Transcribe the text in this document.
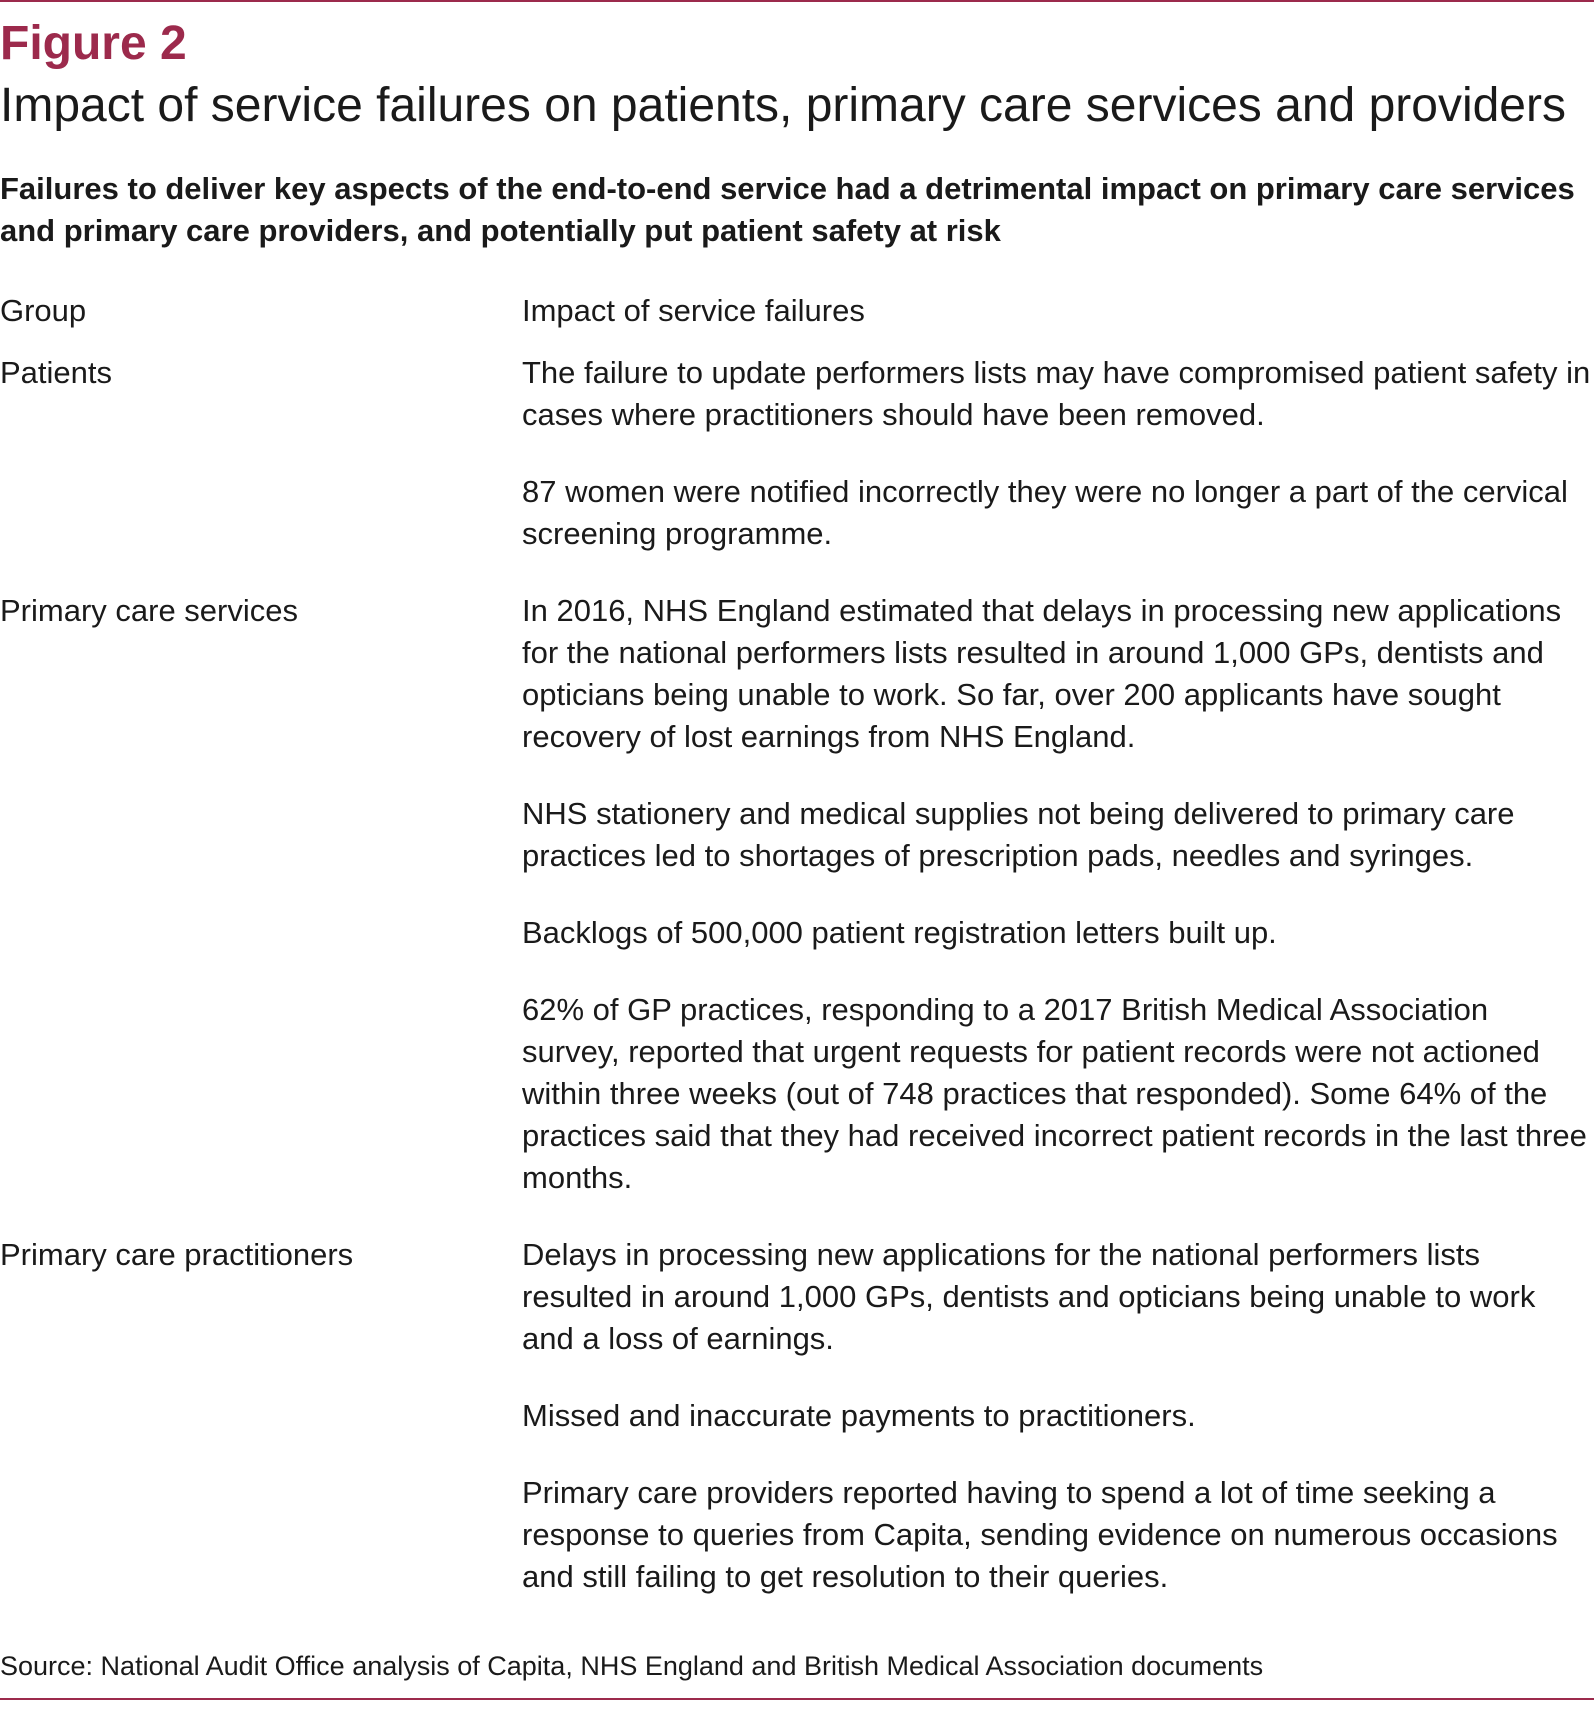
Figure 2
Impact of service failures on patients, primary care services and providers

Failures to deliver key aspects of the end-to-end service had a detrimental impact on primary care services and primary care providers, and potentially put patient safety at risk

Group	Impact of service failures
Patients	The failure to update performers lists may have compromised patient safety in cases where practitioners should have been removed.

87 women were notified incorrectly they were no longer a part of the cervical screening programme.

Primary care services	In 2016, NHS England estimated that delays in processing new applications for the national performers lists resulted in around 1,000 GPs, dentists and opticians being unable to work. So far, over 200 applicants have sought recovery of lost earnings from NHS England.

NHS stationery and medical supplies not being delivered to primary care practices led to shortages of prescription pads, needles and syringes.

Backlogs of 500,000 patient registration letters built up.

62% of GP practices, responding to a 2017 British Medical Association survey, reported that urgent requests for patient records were not actioned within three weeks (out of 748 practices that responded). Some 64% of the practices said that they had received incorrect patient records in the last three months.

Primary care practitioners	Delays in processing new applications for the national performers lists resulted in around 1,000 GPs, dentists and opticians being unable to work and a loss of earnings.

Missed and inaccurate payments to practitioners.

Primary care providers reported having to spend a lot of time seeking a response to queries from Capita, sending evidence on numerous occasions and still failing to get resolution to their queries.

Source: National Audit Office analysis of Capita, NHS England and British Medical Association documents
